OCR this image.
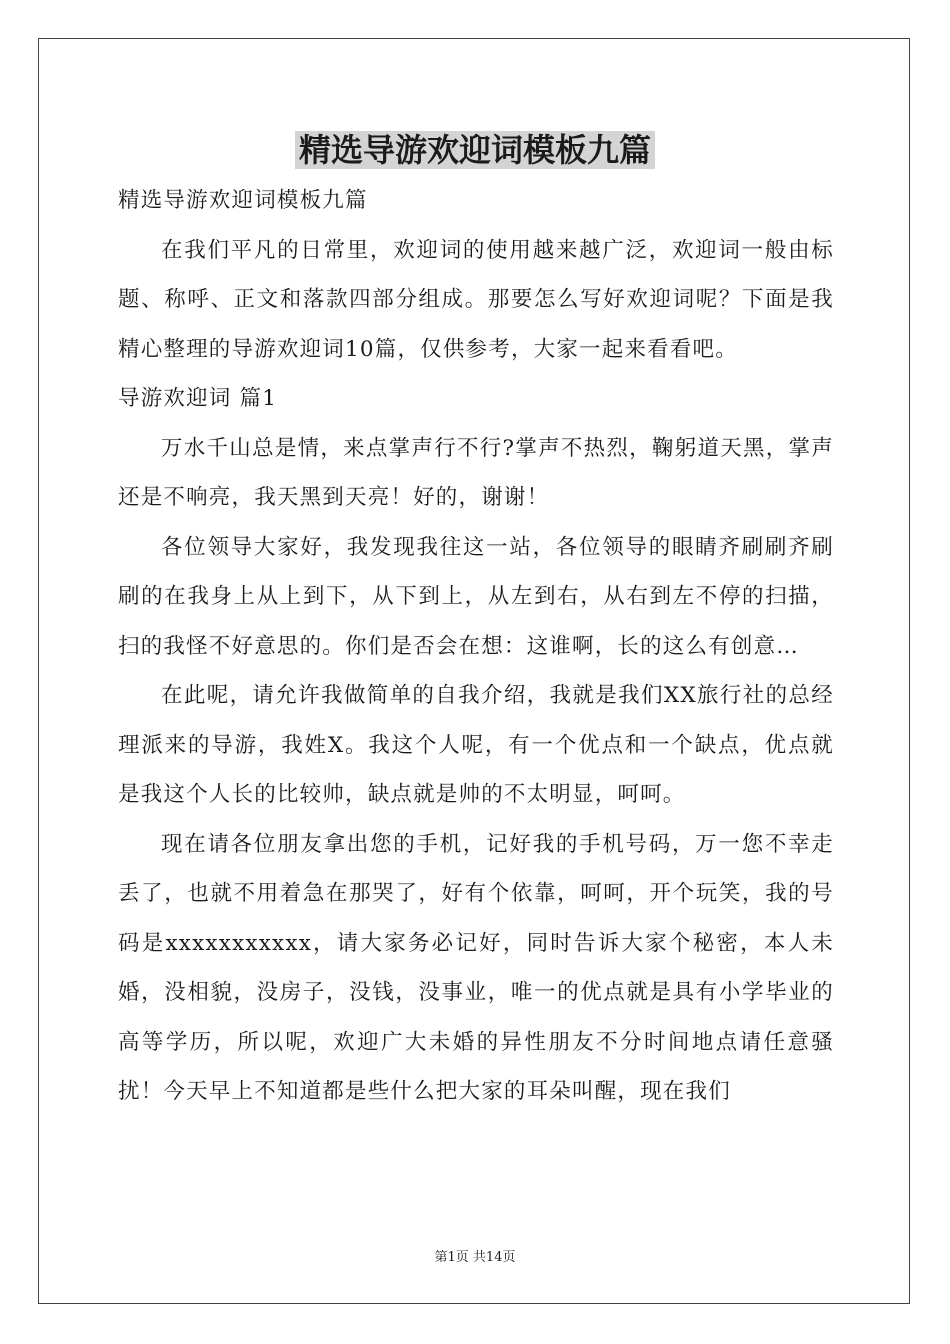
精选导游欢迎词模板九篇

精选导游欢迎词模板九篇

在我们平凡的日常里，欢迎词的使用越来越广泛，欢迎词一般由标题、称呼、正文和落款四部分组成。那要怎么写好欢迎词呢？下面是我精心整理的导游欢迎词10篇，仅供参考，大家一起来看看吧。

导游欢迎词 篇1

万水千山总是情，来点掌声行不行?掌声不热烈，鞠躬道天黑，掌声还是不响亮，我天黑到天亮！好的，谢谢！

各位领导大家好，我发现我往这一站，各位领导的眼睛齐刷刷齐刷刷的在我身上从上到下，从下到上，从左到右，从右到左不停的扫描，扫的我怪不好意思的。你们是否会在想：这谁啊，长的这么有创意…

在此呢，请允许我做简单的自我介绍，我就是我们XX旅行社的总经理派来的导游，我姓X。我这个人呢，有一个优点和一个缺点，优点就是我这个人长的比较帅，缺点就是帅的不太明显，呵呵。

现在请各位朋友拿出您的手机，记好我的手机号码，万一您不幸走丢了，也就不用着急在那哭了，好有个依靠，呵呵，开个玩笑，我的号码是xxxxxxxxxxx，请大家务必记好，同时告诉大家个秘密，本人未婚，没相貌，没房子，没钱，没事业，唯一的优点就是具有小学毕业的高等学历，所以呢，欢迎广大未婚的异性朋友不分时间地点请任意骚扰！今天早上不知道都是些什么把大家的耳朵叫醒，现在我们

第1页 共14页
